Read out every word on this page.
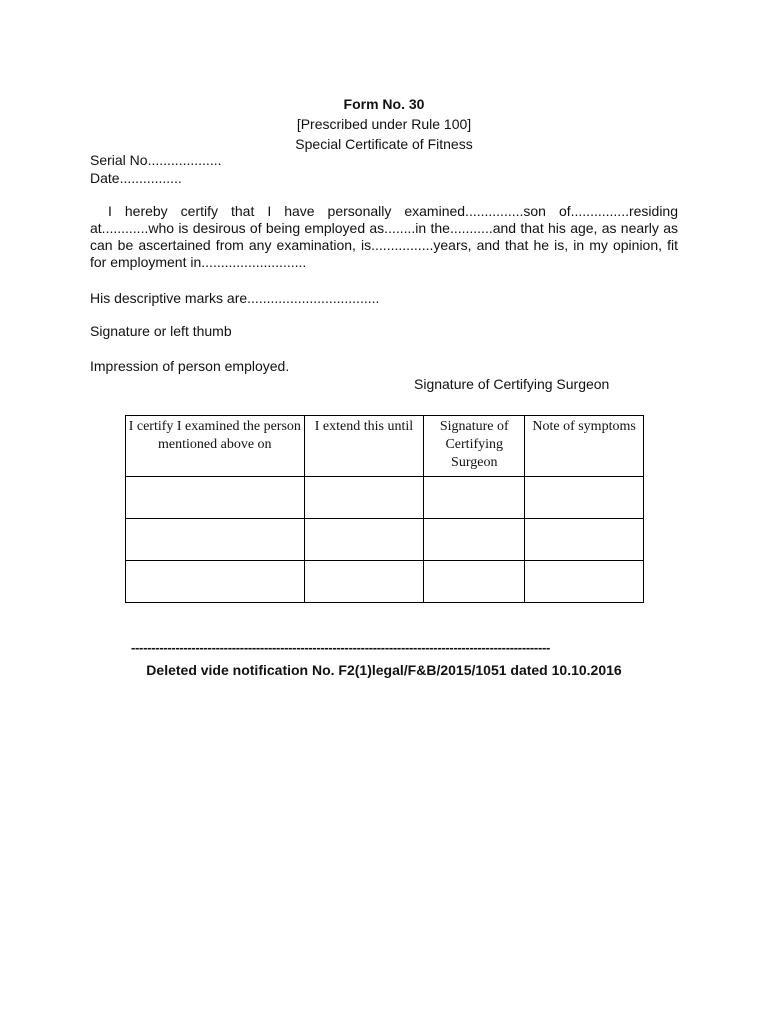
Form No. 30
[Prescribed under Rule 100]
Special Certificate of Fitness
Serial No...................
Date................
I hereby certify that I have personally examined...............son of...............residing at............who is desirous of being employed as........in the...........and that his age, as nearly as can be ascertained from any examination, is................years, and that he is, in my opinion, fit for employment in...........................
His descriptive marks are..................................
Signature or left thumb
Impression of person employed.
Signature of Certifying Surgeon
I certify I examined the person mentioned above on	I extend this until	Signature of Certifying Surgeon	Note of symptoms

--------------------------------------------------------------------------------------------------------
Deleted vide notification No. F2(1)legal/F&B/2015/1051 dated 10.10.2016
